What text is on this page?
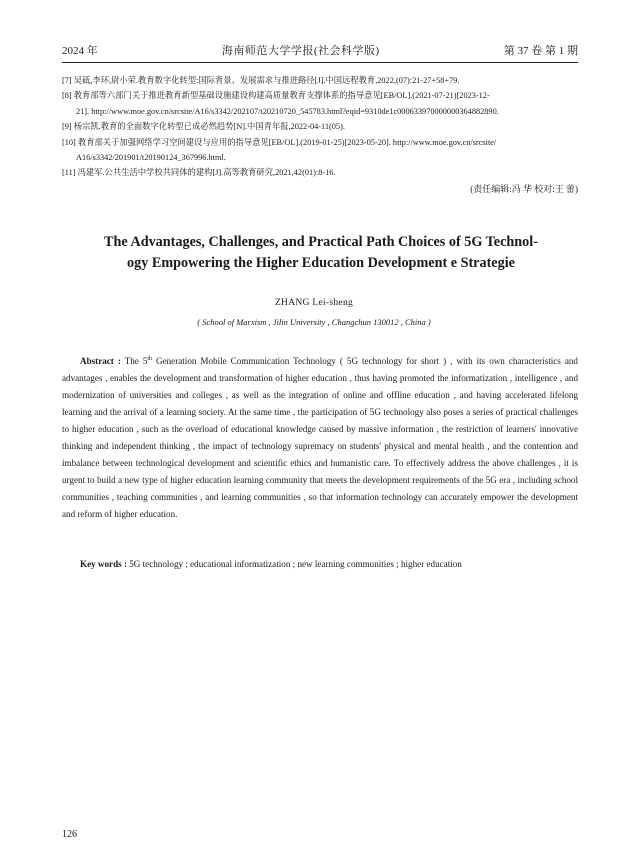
2024 年	海南师范大学学报(社会科学版)	第 37 卷 第 1 期
[7] 吴砥,李环,尉小荣.教育数字化转型:国际背景、发展需求与推进路径[J].中国远程教育,2022,(07):21-27+58+79.
[8] 教育部等六部门关于推进教育新型基础设施建设构建高质量教育支撑体系的指导意见[EB/OL].(2021-07-21)[2023-12-
21]. http://www.moe.gov.cn/srcsite/A16/s3342/202107/t20210720_545783.html?eqid=9310de1c000633970000000364882890.
[9] 杨宗凯.教育的全面数字化转型已成必然趋势[N].中国青年报,2022-04-11(05).
[10] 教育部关于加强网络学习空间建设与应用的指导意见[EB/OL].(2019-01-25)[2023-05-20]. http://www.moe.gov.cn/srcsite/
A16/s3342/201901/t20190124_367996.html.
[11] 冯建军.公共生活中学校共同体的建构[J].高等教育研究,2021,42(01):8-16.
(责任编辑:冯 华 校对:王 蕾)
The Advantages, Challenges, and Practical Path Choices of 5G Technol-
ogy Empowering the Higher Education Development e Strategie
ZHANG Lei-sheng
( School of Marxism , Jilin University , Changchun 130012 , China )

Abstract : The 5th Generation Mobile Communication Technology ( 5G technology for short ) , with its own characteristics and advantages , enables the development and transformation of higher education , thus having promoted the informatization , intelligence , and modernization of universities and colleges , as well as the integration of online and offline education , and having accelerated lifelong learning and the arrival of a learning society. At the same time , the participation of 5G technology also poses a series of practical challenges to higher education , such as the overload of educational knowledge caused by massive information , the restriction of learners' innovative thinking and independent thinking , the impact of technology supremacy on students' physical and mental health , and the contention and imbalance between technological development and scientific ethics and humanistic care. To effectively address the above challenges , it is urgent to build a new type of higher education learning community that meets the development requirements of the 5G era , including school communities , teaching communities , and learning communities , so that information technology can accurately empower the development and reform of higher education.

Key words : 5G technology ; educational informatization ; new learning communities ; higher education
126
